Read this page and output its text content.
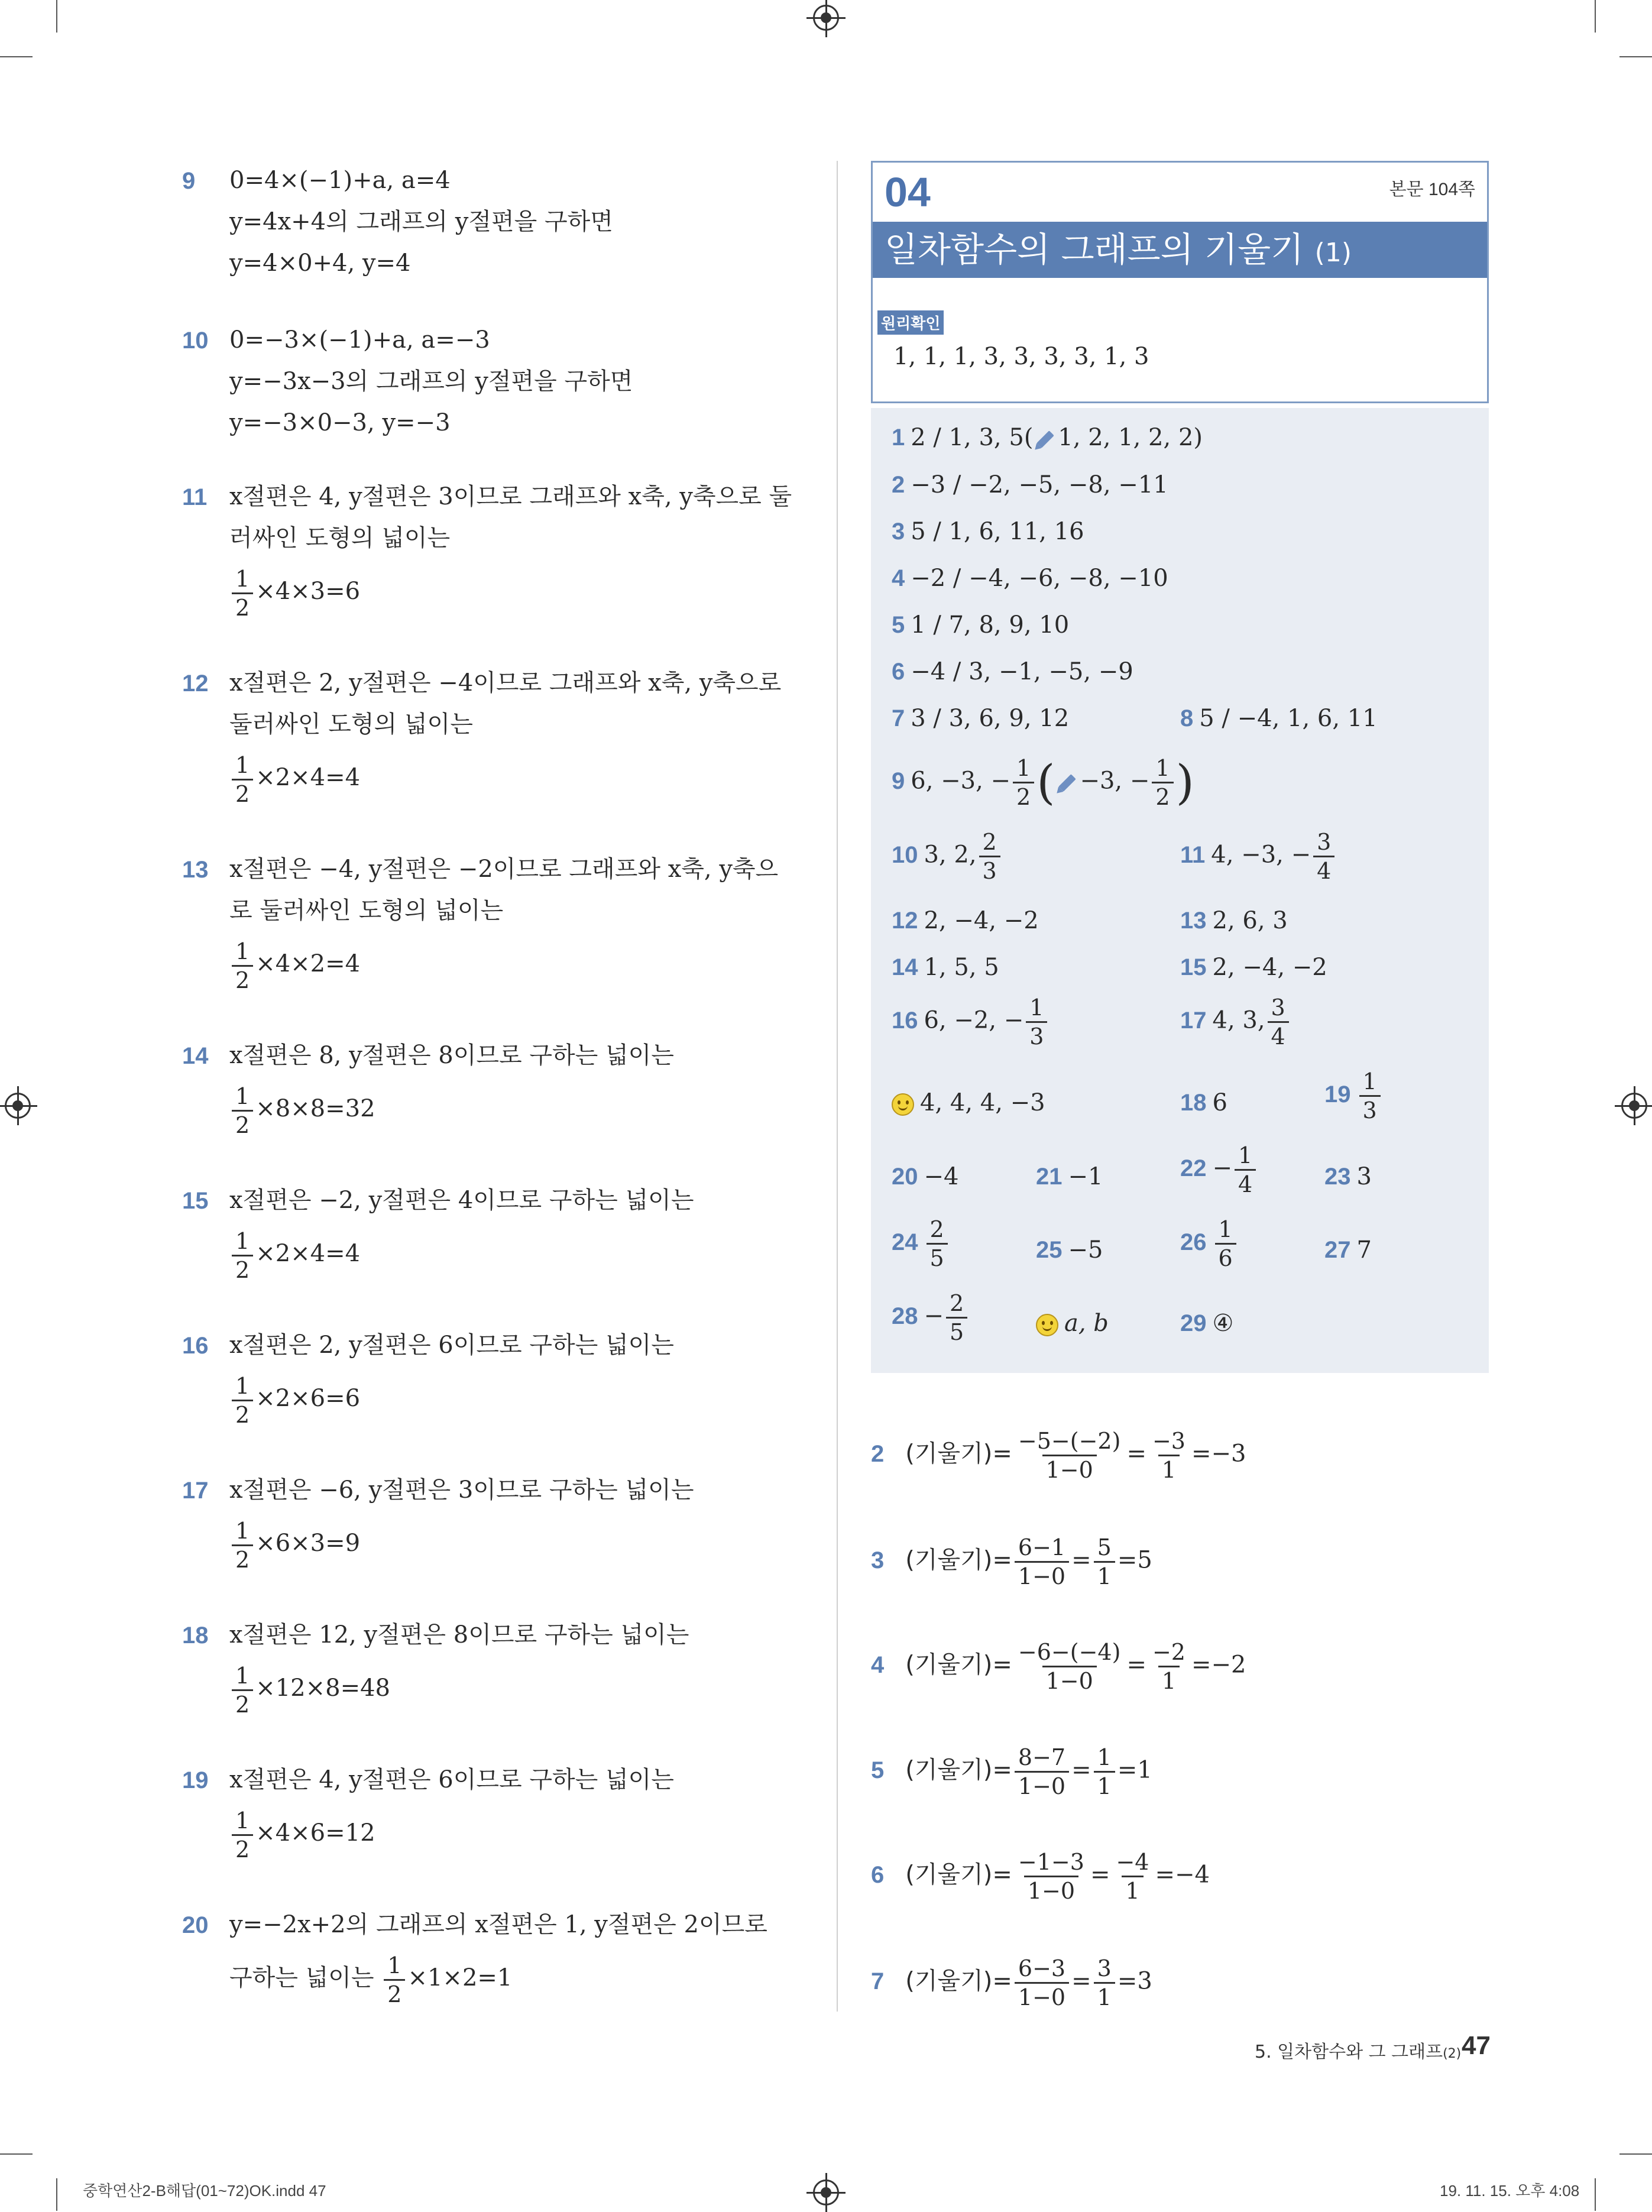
9 0=4×(−1)+a, a=4
y=4x+4의 그래프의 y절편을 구하면
y=4×0+4, y=4
10 0=−3×(−1)+a, a=−3
y=−3x−3의 그래프의 y절편을 구하면
y=−3×0−3, y=−3
11 x절편은 4, y절편은 3이므로 그래프와 x축, y축으로 둘
러싸인 도형의 넓이는
$\frac{1}{2} \times 4\times 3=6$
12 x절편은 2, y절편은 −4이므로 그래프와 x축, y축으로
둘러싸인 도형의 넓이는
$\frac{1}{2} \times 2\times 4=4$
13 x절편은 −4, y절편은 −2이므로 그래프와 x축, y축으
로 둘러싸인 도형의 넓이는
$\frac{1}{2} \times 4\times 2=4$
14 x절편은 8, y절편은 8이므로 구하는 넓이는
$\frac{1}{2} \times 8\times 8=32$
15 x절편은 −2, y절편은 4이므로 구하는 넓이는
$\frac{1}{2} \times 2\times 4=4$
16 x절편은 2, y절편은 6이므로 구하는 넓이는
$\frac{1}{2} \times 2\times 6=6$
17 x절편은 −6, y절편은 3이므로 구하는 넓이는
$\frac{1}{2} \times 6\times 3=9$
18 x절편은 12, y절편은 8이므로 구하는 넓이는
$\frac{1}{2} \times 12\times 8=48$
19 x절편은 4, y절편은 6이므로 구하는 넓이는
$\frac{1}{2} \times 4\times 6=12$
20 y=−2x+2의 그래프의 x절편은 1, y절편은 2이므로
구하는 넓이는 $\frac{1}{2} \times 1\times 2=1$
04	본문 104쪽
일차함수의 그래프의 기울기 (1)
원리확인
1, 1, 1, 3, 3, 3, 3, 1, 3
1 2 / 1, 3, 5( 1, 2, 1, 2, 2)
2 −3 / −2, −5, −8, −11
3 5 / 1, 6, 11, 16
4 −2 / −4, −6, −8, −10
5 1 / 7, 8, 9, 10
6 −4 / 3, −1, −5, −9
7 3 / 3, 6, 9, 12	8 5 / −4, 1, 6, 11
9 6, −3, − $\frac{1}{2}$ ( −3, − $\frac{1}{2}$ )
10 3, 2, $\frac{2}{3}$	11 4, −3, − $\frac{3}{4}$
12 2, −4, −2	13 2, 6, 3
14 1, 5, 5	15 2, −4, −2
16 6, −2, − $\frac{1}{3}$	17 4, 3, $\frac{3}{4}$
4, 4, 4, −3	18 6	$19 \frac{1}{3}$
20 −4	21 −1	$22 - \frac{1}{4}$	23 3
$24 \frac{2}{5}$	25 −5	$26 \frac{1}{6}$	27 7
$28 - \frac{2}{5}$	a, b	29 ④
2 (기울기)= $\frac{-5-(-2)}{1-0} = \frac{-3}{1} =-3$
3 (기울기)= $\frac{6-1}{1-0} = \frac{5}{1} =5$
4 (기울기)= $\frac{-6-(-4)}{1-0} = \frac{-2}{1} =-2$
5 (기울기)= $\frac{8-7}{1-0} = \frac{1}{1} =1$
6 (기울기)= $\frac{-1-3}{1-0} = \frac{-4}{1} =-4$
7 (기울기)= $\frac{6-3}{1-0} = \frac{3}{1} =3$
5. 일차함수와 그 그래프(2) 47
중학연산2-B해답(01~72)OK.indd 47	19. 11. 15. 오후 4:08
